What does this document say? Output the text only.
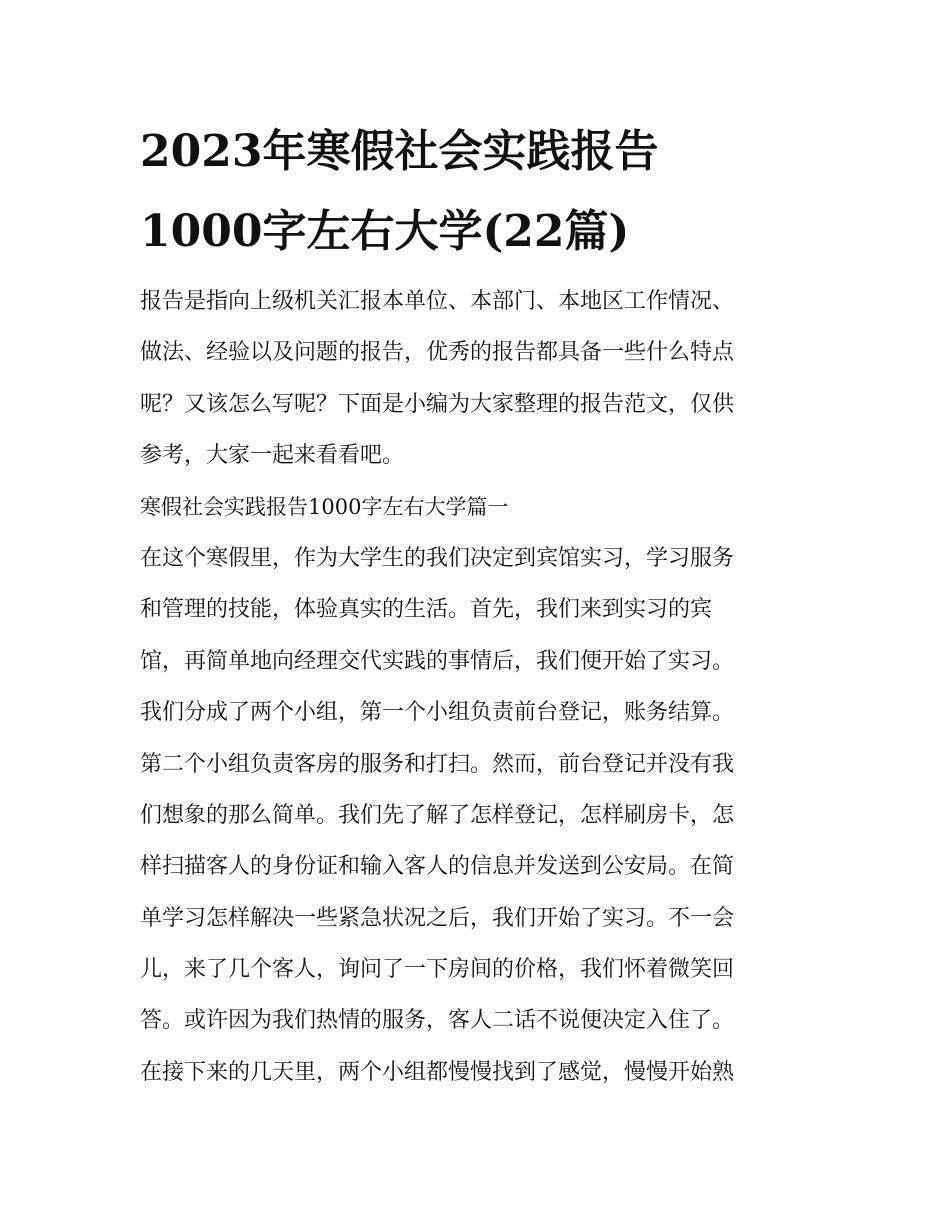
2023年寒假社会实践报告
1000字左右大学(22篇)
报告是指向上级机关汇报本单位、本部门、本地区工作情况、
做法、经验以及问题的报告，优秀的报告都具备一些什么特点
呢？又该怎么写呢？下面是小编为大家整理的报告范文，仅供
参考，大家一起来看看吧。
寒假社会实践报告1000字左右大学篇一
在这个寒假里，作为大学生的我们决定到宾馆实习，学习服务
和管理的技能，体验真实的生活。首先，我们来到实习的宾
馆，再简单地向经理交代实践的事情后，我们便开始了实习。
我们分成了两个小组，第一个小组负责前台登记，账务结算。
第二个小组负责客房的服务和打扫。然而，前台登记并没有我
们想象的那么简单。我们先了解了怎样登记，怎样刷房卡，怎
样扫描客人的身份证和输入客人的信息并发送到公安局。在简
单学习怎样解决一些紧急状况之后，我们开始了实习。不一会
儿，来了几个客人，询问了一下房间的价格，我们怀着微笑回
答。或许因为我们热情的服务，客人二话不说便决定入住了。
在接下来的几天里，两个小组都慢慢找到了感觉，慢慢开始熟
